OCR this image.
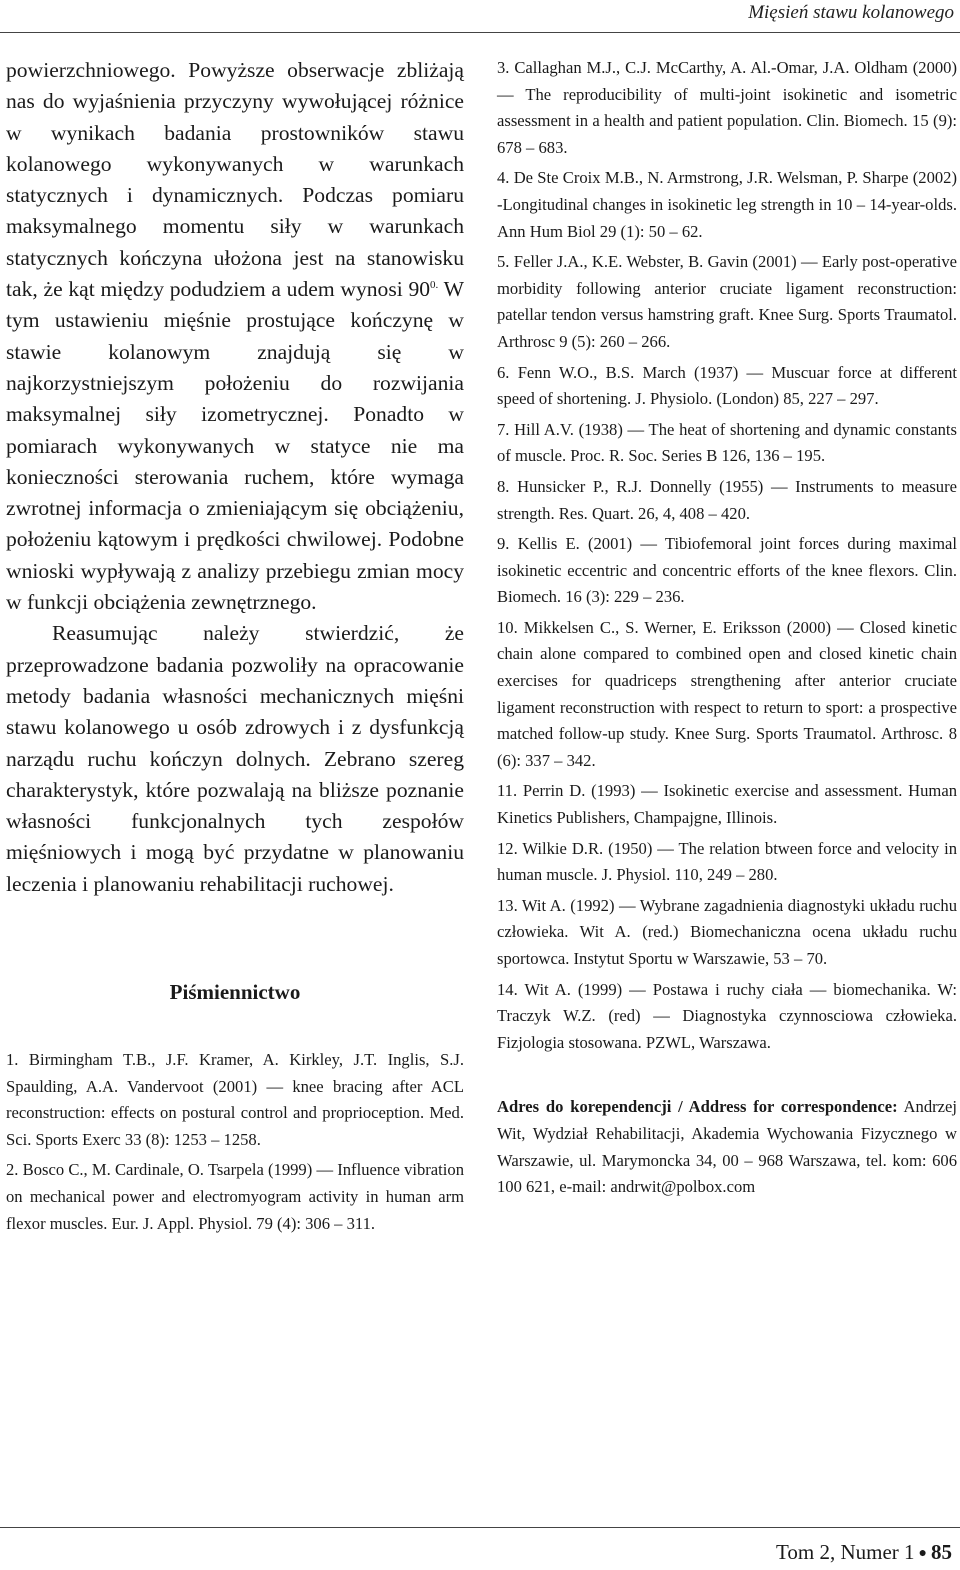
Mięsień stawu kolanowego

powierzchniowego. Powyższe obserwacje zbliżają nas do wyjaśnienia przyczyny wywołującej różnice w wynikach badania prostowników stawu kolanowego wykonywanych w warunkach statycznych i dynamicznych. Podczas pomiaru maksymalnego momentu siły w warunkach statycznych kończyna ułożona jest na stanowisku tak, że kąt między podudziem a udem wynosi $90^{0.}$ W tym ustawieniu mięśnie prostujące kończynę w stawie kolanowym znajdują się w najkorzystniejszym położeniu do rozwijania maksymalnej siły izometrycznej. Ponadto w pomiarach wykonywanych w statyce nie ma konieczności sterowania ruchem, które wymaga zwrotnej informacja o zmieniającym się obciążeniu, położeniu kątowym i prędkości chwilowej. Podobne wnioski wypływają z analizy przebiegu zmian mocy w funkcji obciążenia zewnętrznego.

Reasumując należy stwierdzić, że przeprowadzone badania pozwoliły na opracowanie metody badania własności mechanicznych mięśni stawu kolanowego u osób zdrowych i z dysfunkcją narządu ruchu kończyn dolnych. Zebrano szereg charakterystyk, które pozwalają na bliższe poznanie własności funkcjonalnych tych zespołów mięśniowych i mogą być przydatne w planowaniu leczenia i planowaniu rehabilitacji ruchowej.

Piśmiennictwo

1. Birmingham T.B., J.F. Kramer, A. Kirkley, J.T. Inglis, S.J. Spaulding, A.A. Vandervoot (2001) — knee bracing after ACL reconstruction: effects on postural control and proprioception. Med. Sci. Sports Exerc 33 (8): 1253 – 1258.

2. Bosco C., M. Cardinale, O. Tsarpela (1999) — Influence vibration on mechanical power and electromyogram activity in human arm flexor muscles. Eur. J. Appl. Physiol. 79 (4): 306 – 311.

3. Callaghan M.J., C.J. McCarthy, A. Al.-Omar, J.A. Oldham (2000) — The reproducibility of multi-joint isokinetic and isometric assessment in a health and patient population. Clin. Biomech. 15 (9): 678 – 683.

4. De Ste Croix M.B., N. Armstrong, J.R. Welsman, P. Sharpe (2002) -Longitudinal changes in isokinetic leg strength in 10 – 14-year-olds. Ann Hum Biol 29 (1): 50 – 62.

5. Feller J.A., K.E. Webster, B. Gavin (2001) — Early post-operative morbidity following anterior cruciate ligament reconstruction: patellar tendon versus hamstring graft. Knee Surg. Sports Traumatol. Arthrosc 9 (5): 260 – 266.

6. Fenn W.O., B.S. March (1937) — Muscuar force at different speed of shortening. J. Physiolo. (London) 85, 227 – 297.

7. Hill A.V. (1938) — The heat of shortening and dynamic constants of muscle. Proc. R. Soc. Series B 126, 136 – 195.

8. Hunsicker P., R.J. Donnelly (1955) — Instruments to measure strength. Res. Quart. 26, 4, 408 – 420.

9. Kellis E. (2001) — Tibiofemoral joint forces during maximal isokinetic eccentric and concentric efforts of the knee flexors. Clin. Biomech. 16 (3): 229 – 236.

10. Mikkelsen C., S. Werner, E. Eriksson (2000) — Closed kinetic chain alone compared to combined open and closed kinetic chain exercises for quadriceps strengthening after anterior cruciate ligament reconstruction with respect to return to sport: a prospective matched follow-up study. Knee Surg. Sports Traumatol. Arthrosc. 8 (6): 337 – 342.

11. Perrin D. (1993) — Isokinetic exercise and assessment. Human Kinetics Publishers, Champajgne, Illinois.

12. Wilkie D.R. (1950) — The relation btween force and velocity in human muscle. J. Physiol. 110, 249 – 280.

13. Wit A. (1992) — Wybrane zagadnienia diagnostyki układu ruchu człowieka. Wit A. (red.) Biomechaniczna ocena układu ruchu sportowca. Instytut Sportu w Warszawie, 53 – 70.

14. Wit A. (1999) — Postawa i ruchy ciała — biomechanika. W: Traczyk W.Z. (red) — Diagnostyka czynnosciowa człowieka. Fizjologia stosowana. PZWL, Warszawa.

Adres do korependencji / Address for correspondence: Andrzej Wit, Wydział Rehabilitacji, Akademia Wychowania Fizycznego w Warszawie, ul. Marymoncka 34, 00 – 968 Warszawa, tel. kom: 606 100 621, e-mail: andrwit@polbox.com

Tom 2, Numer 1 ● 85
